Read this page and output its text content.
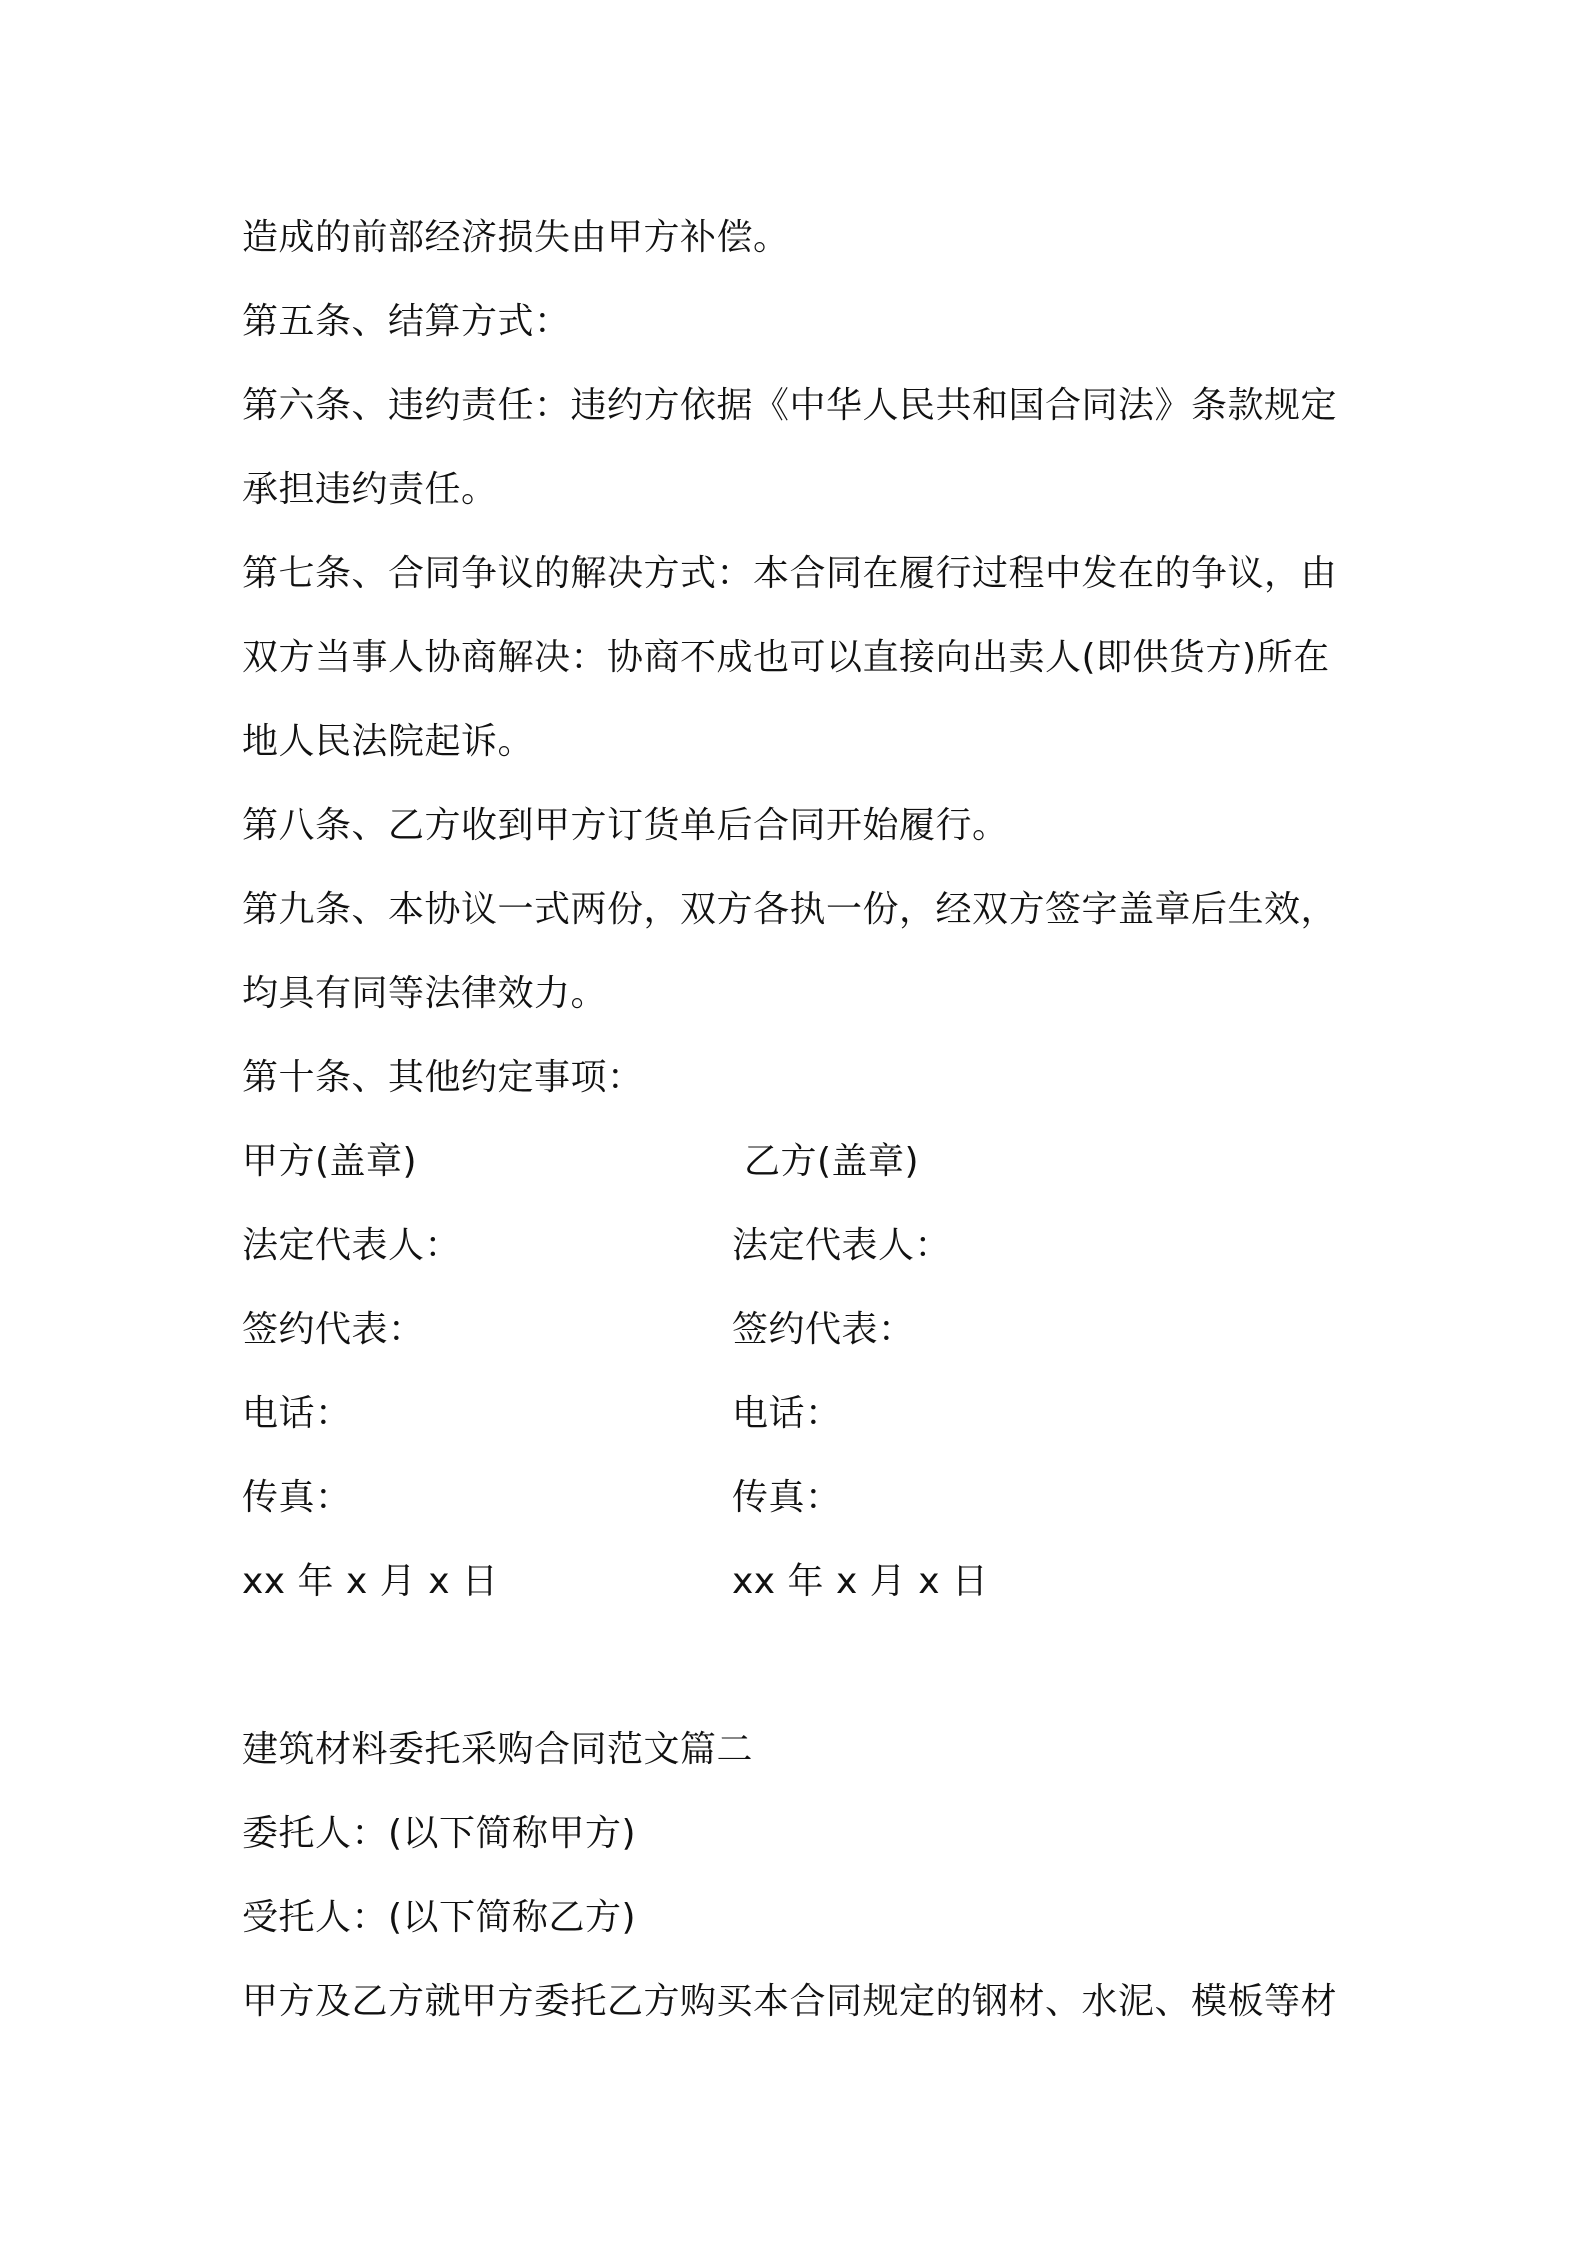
造成的前部经济损失由甲方补偿。
第五条、结算方式：
第六条、违约责任：违约方依据《中华人民共和国合同法》条款规定
承担违约责任。
第七条、合同争议的解决方式：本合同在履行过程中发在的争议，由
双方当事人协商解决：协商不成也可以直接向出卖人(即供货方)所在
地人民法院起诉。
第八条、乙方收到甲方订货单后合同开始履行。
第九条、本协议一式两份，双方各执一份，经双方签字盖章后生效，
均具有同等法律效力。
第十条、其他约定事项：
甲方(盖章)	乙方(盖章)
法定代表人：	法定代表人：
签约代表：	签约代表：
电话：	电话：
传真：	传真：
xx 年 x 月 x 日	xx 年 x 月 x 日
建筑材料委托采购合同范文篇二
委托人：(以下简称甲方)
受托人：(以下简称乙方)
甲方及乙方就甲方委托乙方购买本合同规定的钢材、水泥、模板等材
